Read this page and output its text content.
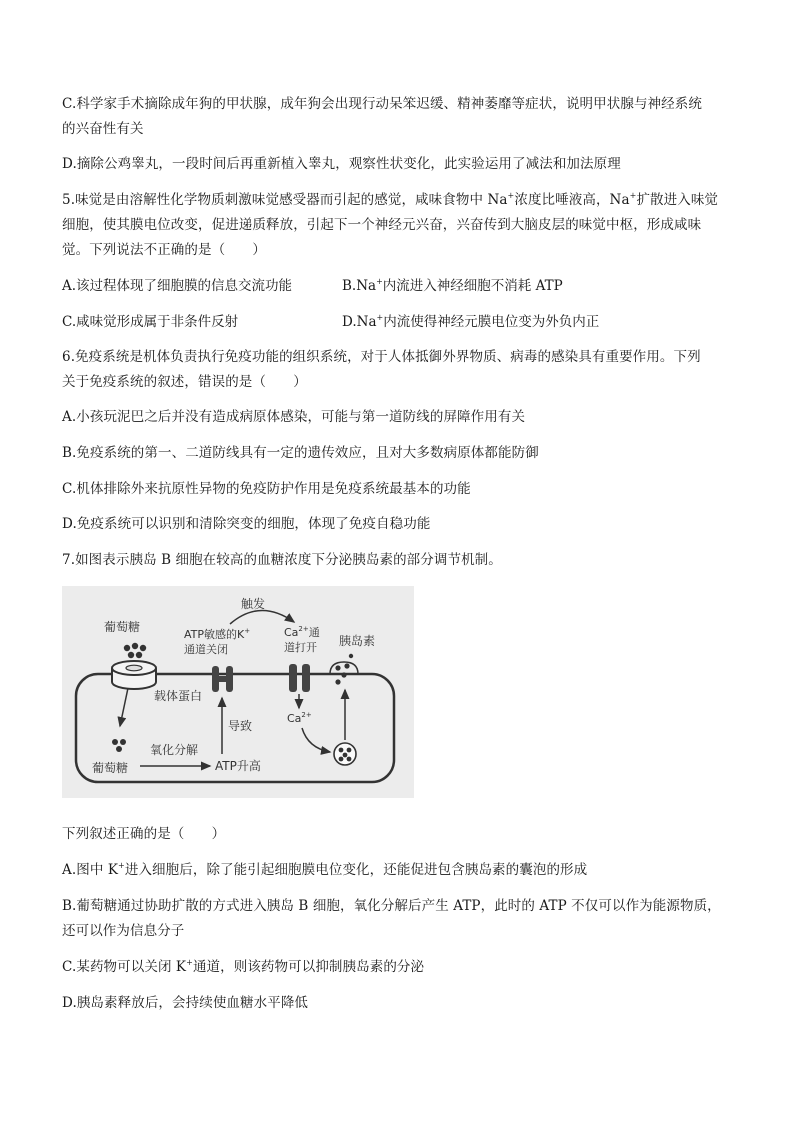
C.科学家手术摘除成年狗的甲状腺，成年狗会出现行动呆笨迟缓、精神萎靡等症状，说明甲状腺与神经系统
的兴奋性有关
D.摘除公鸡睾丸，一段时间后再重新植入睾丸，观察性状变化，此实验运用了减法和加法原理
5.味觉是由溶解性化学物质刺激味觉感受器而引起的感觉，咸味食物中 Na+浓度比唾液高，Na+扩散进入味觉
细胞，使其膜电位改变，促进递质释放，引起下一个神经元兴奋，兴奋传到大脑皮层的味觉中枢，形成咸味
觉。下列说法不正确的是（　　）
A.该过程体现了细胞膜的信息交流功能	B.Na+内流进入神经细胞不消耗 ATP
C.咸味觉形成属于非条件反射	D.Na+内流使得神经元膜电位变为外负内正
6.免疫系统是机体负责执行免疫功能的组织系统，对于人体抵御外界物质、病毒的感染具有重要作用。下列
关于免疫系统的叙述，错误的是（　　）
A.小孩玩泥巴之后并没有造成病原体感染，可能与第一道防线的屏障作用有关
B.免疫系统的第一、二道防线具有一定的遗传效应，且对大多数病原体都能防御
C.机体排除外来抗原性异物的免疫防护作用是免疫系统最基本的功能
D.免疫系统可以识别和清除突变的细胞，体现了免疫自稳功能
7.如图表示胰岛 B 细胞在较高的血糖浓度下分泌胰岛素的部分调节机制。
葡萄糖
胰岛素
触发
ATP敏感的K+
通道关闭
$Ca^{2+}$通
道打开
载体蛋白
葡萄糖
氧化分解
ATP升高
导致
$Ca^{2+}$
下列叙述正确的是（　　）
A.图中 K+进入细胞后，除了能引起细胞膜电位变化，还能促进包含胰岛素的囊泡的形成
B.葡萄糖通过协助扩散的方式进入胰岛 B 细胞，氧化分解后产生 ATP，此时的 ATP 不仅可以作为能源物质，
还可以作为信息分子
C.某药物可以关闭 K+通道，则该药物可以抑制胰岛素的分泌
D.胰岛素释放后，会持续使血糖水平降低
